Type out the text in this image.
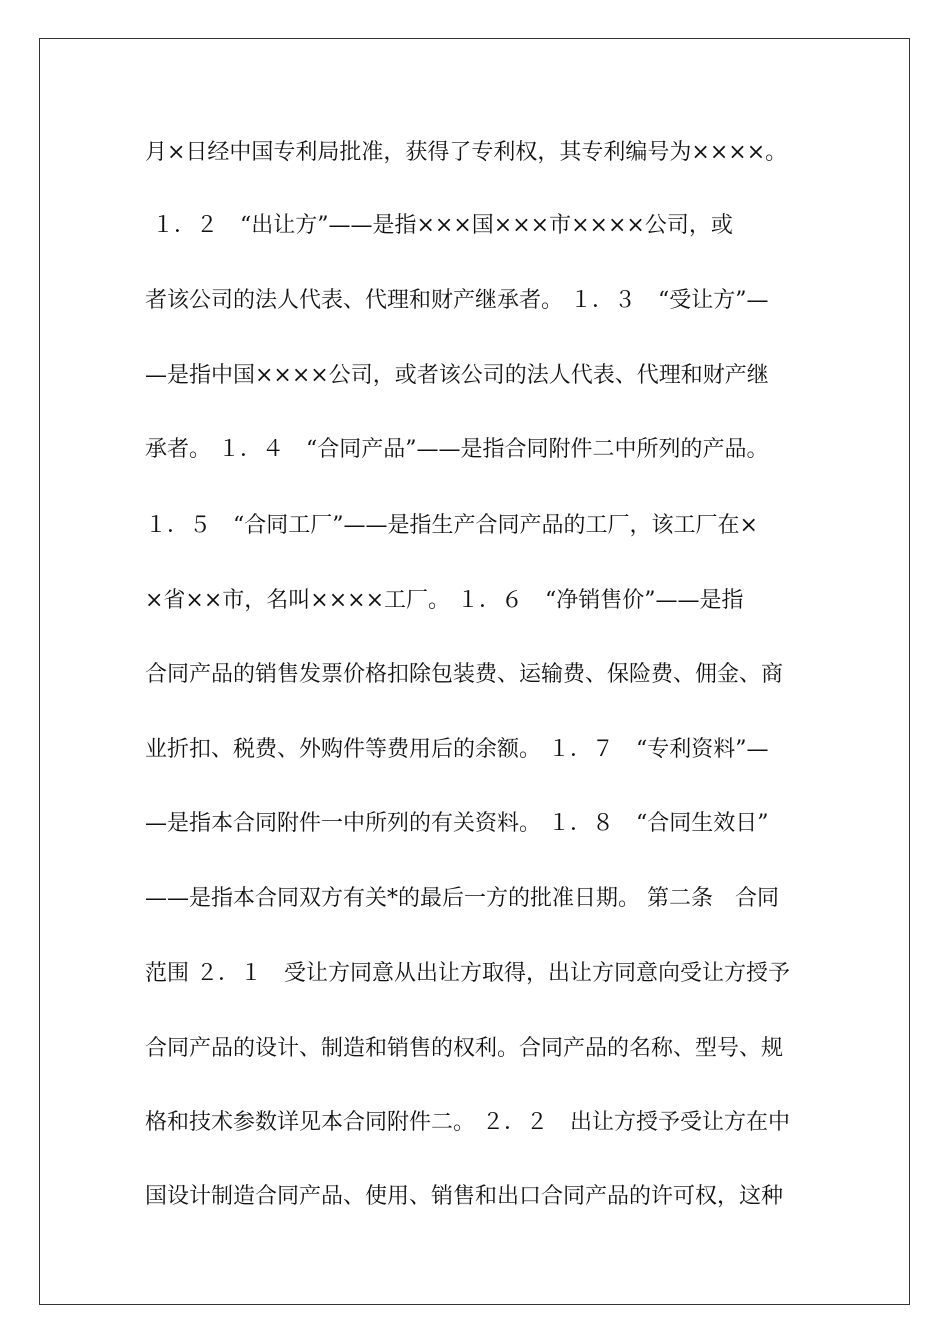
月×日经中国专利局批准，获得了专利权，其专利编号为××××。

１．２　“出让方”——是指×××国×××市××××公司，或

者该公司的法人代表、代理和财产继承者。 １．３　“受让方”—

—是指中国××××公司，或者该公司的法人代表、代理和财产继

承者。 １．４　“合同产品”——是指合同附件二中所列的产品。

１．５　“合同工厂”——是指生产合同产品的工厂，该工厂在×

×省××市，名叫××××工厂。 １．６　“净销售价”——是指

合同产品的销售发票价格扣除包装费、运输费、保险费、佣金、商

业折扣、税费、外购件等费用后的余额。 １．７　“专利资料”—

—是指本合同附件一中所列的有关资料。 １．８　“合同生效日”

——是指本合同双方有关*的最后一方的批准日期。 第二条　合同

范围 ２．１　受让方同意从出让方取得，出让方同意向受让方授予

合同产品的设计、制造和销售的权利。合同产品的名称、型号、规

格和技术参数详见本合同附件二。 ２．２　出让方授予受让方在中

国设计制造合同产品、使用、销售和出口合同产品的许可权，这种
